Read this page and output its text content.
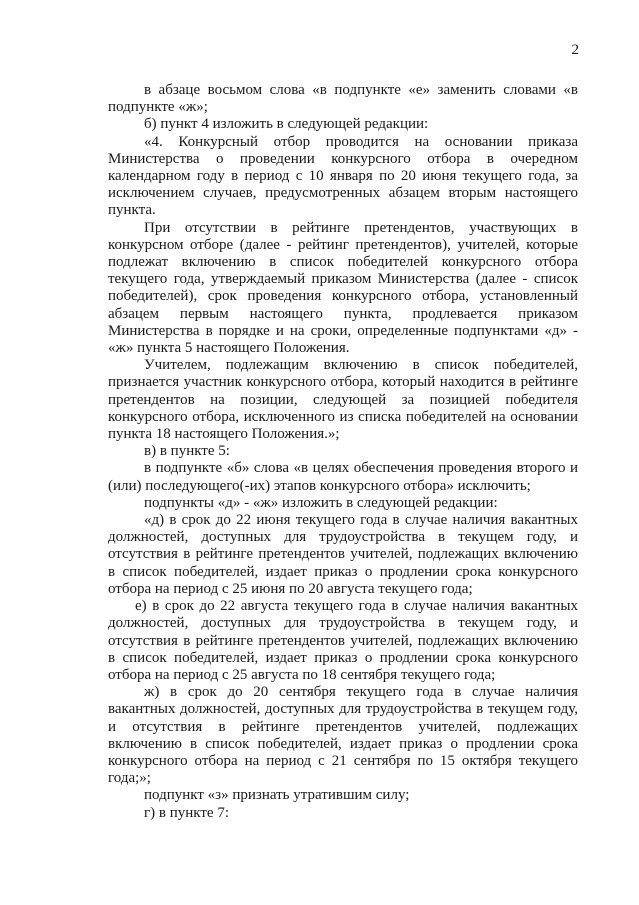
2

в абзаце восьмом слова «в подпункте «е» заменить словами «в подпункте «ж»;

б) пункт 4 изложить в следующей редакции:

«4. Конкурсный отбор проводится на основании приказа Министерства о проведении конкурсного отбора в очередном календарном году в период с 10 января по 20 июня текущего года, за исключением случаев, предусмотренных абзацем вторым настоящего пункта.

При отсутствии в рейтинге претендентов, участвующих в конкурсном отборе (далее - рейтинг претендентов), учителей, которые подлежат включению в список победителей конкурсного отбора текущего года, утверждаемый приказом Министерства (далее - список победителей), срок проведения конкурсного отбора, установленный абзацем первым настоящего пункта, продлевается приказом Министерства в порядке и на сроки, определенные подпунктами «д» - «ж» пункта 5 настоящего Положения.

Учителем, подлежащим включению в список победителей, признается участник конкурсного отбора, который находится в рейтинге претендентов на позиции, следующей за позицией победителя конкурсного отбора, исключенного из списка победителей на основании пункта 18 настоящего Положения.»;

в) в пункте 5:

в подпункте «б» слова «в целях обеспечения проведения второго и (или) последующего(-их) этапов конкурсного отбора» исключить;

подпункты «д» - «ж» изложить в следующей редакции:

«д) в срок до 22 июня текущего года в случае наличия вакантных должностей, доступных для трудоустройства в текущем году, и отсутствия в рейтинге претендентов учителей, подлежащих включению в список победителей, издает приказ о продлении срока конкурсного отбора на период с 25 июня по 20 августа текущего года;

е) в срок до 22 августа текущего года в случае наличия вакантных должностей, доступных для трудоустройства в текущем году, и отсутствия в рейтинге претендентов учителей, подлежащих включению в список победителей, издает приказ о продлении срока конкурсного отбора на период с 25 августа по 18 сентября текущего года;

ж) в срок до 20 сентября текущего года в случае наличия вакантных должностей, доступных для трудоустройства в текущем году, и отсутствия в рейтинге претендентов учителей, подлежащих включению в список победителей, издает приказ о продлении срока конкурсного отбора на период с 21 сентября по 15 октября текущего года;»;

подпункт «з» признать утратившим силу;

г) в пункте 7:
